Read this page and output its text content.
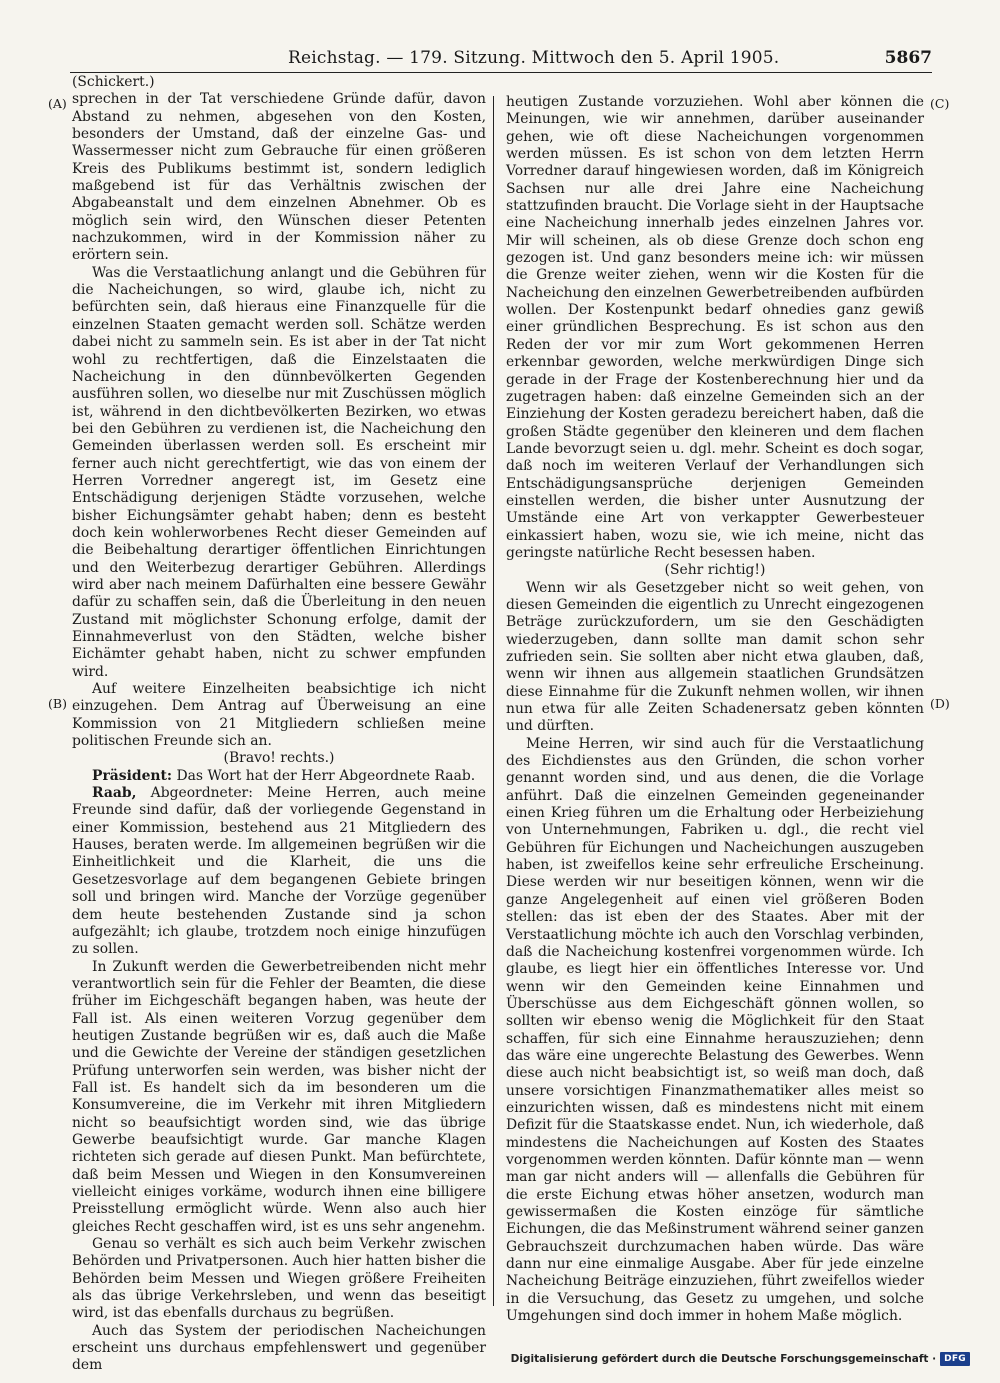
Reichstag. — 179. Sitzung. Mittwoch den 5. April 1905.	5867
(A)
(B)
(C)
(D)

(Schickert.)

sprechen in der Tat verschiedene Gründe dafür, davon Abstand zu nehmen, abgesehen von den Kosten, besonders der Umstand, daß der einzelne Gas- und Wassermesser nicht zum Gebrauche für einen größeren Kreis des Publikums bestimmt ist, sondern lediglich maßgebend ist für das Verhältnis zwischen der Abgabeanstalt und dem einzelnen Abnehmer. Ob es möglich sein wird, den Wünschen dieser Petenten nachzukommen, wird in der Kommission näher zu erörtern sein.

Was die Verstaatlichung anlangt und die Gebühren für die Nacheichungen, so wird, glaube ich, nicht zu befürchten sein, daß hieraus eine Finanzquelle für die einzelnen Staaten gemacht werden soll. Schätze werden dabei nicht zu sammeln sein. Es ist aber in der Tat nicht wohl zu rechtfertigen, daß die Einzelstaaten die Nacheichung in den dünnbevölkerten Gegenden ausführen sollen, wo dieselbe nur mit Zuschüssen möglich ist, während in den dichtbevölkerten Bezirken, wo etwas bei den Gebühren zu verdienen ist, die Nacheichung den Gemeinden überlassen werden soll. Es erscheint mir ferner auch nicht gerechtfertigt, wie das von einem der Herren Vorredner angeregt ist, im Gesetz eine Entschädigung derjenigen Städte vorzusehen, welche bisher Eichungsämter gehabt haben; denn es besteht doch kein wohlerworbenes Recht dieser Gemeinden auf die Beibehaltung derartiger öffentlichen Einrichtungen und den Weiterbezug derartiger Gebühren. Allerdings wird aber nach meinem Dafürhalten eine bessere Gewähr dafür zu schaffen sein, daß die Überleitung in den neuen Zustand mit möglichster Schonung erfolge, damit der Einnahmeverlust von den Städten, welche bisher Eichämter gehabt haben, nicht zu schwer empfunden wird.

Auf weitere Einzelheiten beabsichtige ich nicht einzugehen. Dem Antrag auf Überweisung an eine Kommission von 21 Mitgliedern schließen meine politischen Freunde sich an.

(Bravo! rechts.)

Präsident: Das Wort hat der Herr Abgeordnete Raab.

Raab, Abgeordneter: Meine Herren, auch meine Freunde sind dafür, daß der vorliegende Gegenstand in einer Kommission, bestehend aus 21 Mitgliedern des Hauses, beraten werde. Im allgemeinen begrüßen wir die Einheitlichkeit und die Klarheit, die uns die Gesetzesvorlage auf dem begangenen Gebiete bringen soll und bringen wird. Manche der Vorzüge gegenüber dem heute bestehenden Zustande sind ja schon aufgezählt; ich glaube, trotzdem noch einige hinzufügen zu sollen.

In Zukunft werden die Gewerbetreibenden nicht mehr verantwortlich sein für die Fehler der Beamten, die diese früher im Eichgeschäft begangen haben, was heute der Fall ist. Als einen weiteren Vorzug gegenüber dem heutigen Zustande begrüßen wir es, daß auch die Maße und die Gewichte der Vereine der ständigen gesetzlichen Prüfung unterworfen sein werden, was bisher nicht der Fall ist. Es handelt sich da im besonderen um die Konsumvereine, die im Verkehr mit ihren Mitgliedern nicht so beaufsichtigt worden sind, wie das übrige Gewerbe beaufsichtigt wurde. Gar manche Klagen richteten sich gerade auf diesen Punkt. Man befürchtete, daß beim Messen und Wiegen in den Konsumvereinen vielleicht einiges vorkäme, wodurch ihnen eine billigere Preisstellung ermöglicht würde. Wenn also auch hier gleiches Recht geschaffen wird, ist es uns sehr angenehm.

Genau so verhält es sich auch beim Verkehr zwischen Behörden und Privatpersonen. Auch hier hatten bisher die Behörden beim Messen und Wiegen größere Freiheiten als das übrige Verkehrsleben, und wenn das beseitigt wird, ist das ebenfalls durchaus zu begrüßen.

Auch das System der periodischen Nacheichungen erscheint uns durchaus empfehlenswert und gegenüber dem

heutigen Zustande vorzuziehen. Wohl aber können die Meinungen, wie wir annehmen, darüber auseinander gehen, wie oft diese Nacheichungen vorgenommen werden müssen. Es ist schon von dem letzten Herrn Vorredner darauf hingewiesen worden, daß im Königreich Sachsen nur alle drei Jahre eine Nacheichung stattzufinden braucht. Die Vorlage sieht in der Hauptsache eine Nacheichung innerhalb jedes einzelnen Jahres vor. Mir will scheinen, als ob diese Grenze doch schon eng gezogen ist. Und ganz besonders meine ich: wir müssen die Grenze weiter ziehen, wenn wir die Kosten für die Nacheichung den einzelnen Gewerbetreibenden aufbürden wollen. Der Kostenpunkt bedarf ohnedies ganz gewiß einer gründlichen Besprechung. Es ist schon aus den Reden der vor mir zum Wort gekommenen Herren erkennbar geworden, welche merkwürdigen Dinge sich gerade in der Frage der Kostenberechnung hier und da zugetragen haben: daß einzelne Gemeinden sich an der Einziehung der Kosten geradezu bereichert haben, daß die großen Städte gegenüber den kleineren und dem flachen Lande bevorzugt seien u. dgl. mehr. Scheint es doch sogar, daß noch im weiteren Verlauf der Verhandlungen sich Entschädigungsansprüche derjenigen Gemeinden einstellen werden, die bisher unter Ausnutzung der Umstände eine Art von verkappter Gewerbesteuer einkassiert haben, wozu sie, wie ich meine, nicht das geringste natürliche Recht besessen haben.

(Sehr richtig!)

Wenn wir als Gesetzgeber nicht so weit gehen, von diesen Gemeinden die eigentlich zu Unrecht eingezogenen Beträge zurückzufordern, um sie den Geschädigten wiederzugeben, dann sollte man damit schon sehr zufrieden sein. Sie sollten aber nicht etwa glauben, daß, wenn wir ihnen aus allgemein staatlichen Grundsätzen diese Einnahme für die Zukunft nehmen wollen, wir ihnen nun etwa für alle Zeiten Schadenersatz geben könnten und dürften.

Meine Herren, wir sind auch für die Verstaatlichung des Eichdienstes aus den Gründen, die schon vorher genannt worden sind, und aus denen, die die Vorlage anführt. Daß die einzelnen Gemeinden gegeneinander einen Krieg führen um die Erhaltung oder Herbeiziehung von Unternehmungen, Fabriken u. dgl., die recht viel Gebühren für Eichungen und Nacheichungen auszugeben haben, ist zweifellos keine sehr erfreuliche Erscheinung. Diese werden wir nur beseitigen können, wenn wir die ganze Angelegenheit auf einen viel größeren Boden stellen: das ist eben der des Staates. Aber mit der Verstaatlichung möchte ich auch den Vorschlag verbinden, daß die Nacheichung kostenfrei vorgenommen würde. Ich glaube, es liegt hier ein öffentliches Interesse vor. Und wenn wir den Gemeinden keine Einnahmen und Überschüsse aus dem Eichgeschäft gönnen wollen, so sollten wir ebenso wenig die Möglichkeit für den Staat schaffen, für sich eine Einnahme herauszuziehen; denn das wäre eine ungerechte Belastung des Gewerbes. Wenn diese auch nicht beabsichtigt ist, so weiß man doch, daß unsere vorsichtigen Finanzmathematiker alles meist so einzurichten wissen, daß es mindestens nicht mit einem Defizit für die Staatskasse endet. Nun, ich wiederhole, daß mindestens die Nacheichungen auf Kosten des Staates vorgenommen werden könnten. Dafür könnte man — wenn man gar nicht anders will — allenfalls die Gebühren für die erste Eichung etwas höher ansetzen, wodurch man gewissermaßen die Kosten einzöge für sämtliche Eichungen, die das Meßinstrument während seiner ganzen Gebrauchszeit durchzumachen haben würde. Das wäre dann nur eine einmalige Ausgabe. Aber für jede einzelne Nacheichung Beiträge einzuziehen, führt zweifellos wieder in die Versuchung, das Gesetz zu umgehen, und solche Umgehungen sind doch immer in hohem Maße möglich.

Digitalisierung gefördert durch die Deutsche Forschungsgemeinschaft · DFG
